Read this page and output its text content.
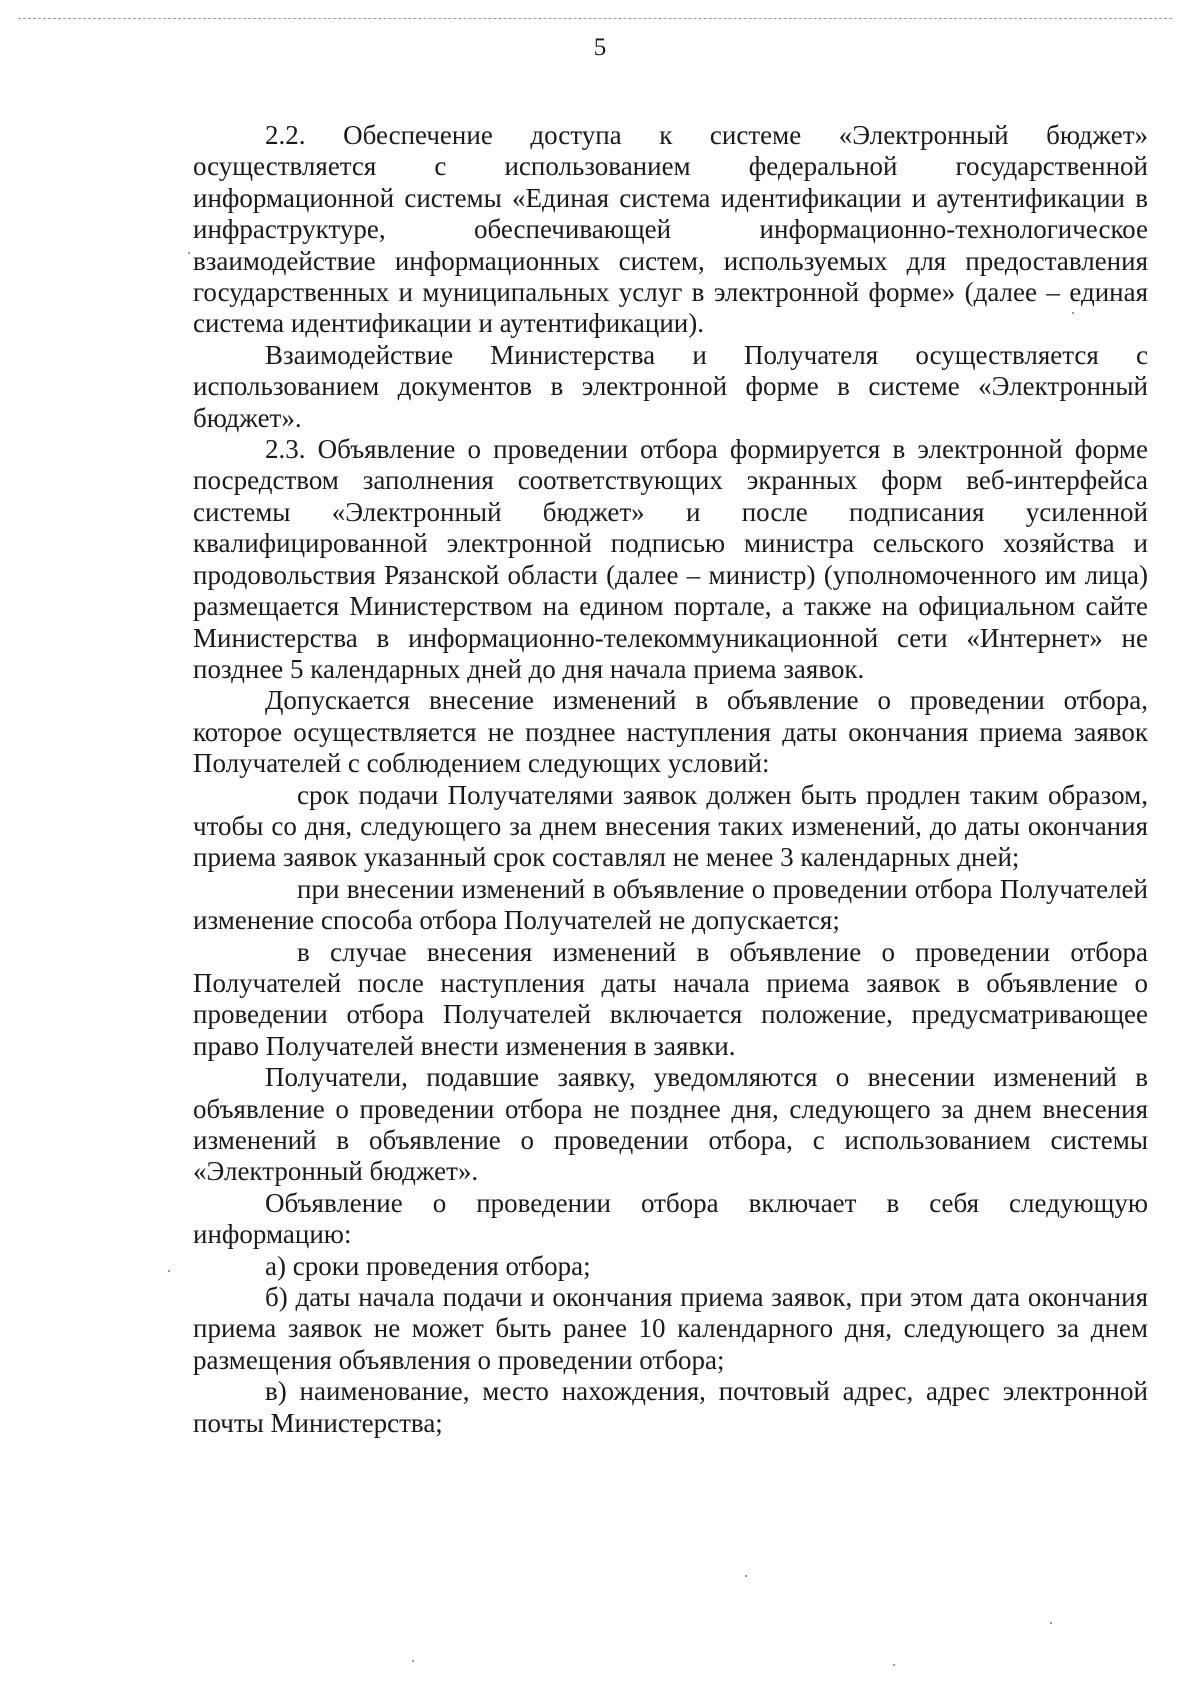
5

2.2. Обеспечение доступа к системе «Электронный бюджет» осуществляется с использованием федеральной государственной информационной системы «Единая система идентификации и аутентификации в инфраструктуре, обеспечивающей информационно-технологическое взаимодействие информационных систем, используемых для предоставления государственных и муниципальных услуг в электронной форме» (далее – единая система идентификации и аутентификации).

Взаимодействие Министерства и Получателя осуществляется с использованием документов в электронной форме в системе «Электронный бюджет».

2.3. Объявление о проведении отбора формируется в электронной форме посредством заполнения соответствующих экранных форм веб-интерфейса системы «Электронный бюджет» и после подписания усиленной квалифицированной электронной подписью министра сельского хозяйства и продовольствия Рязанской области (далее – министр) (уполномоченного им лица) размещается Министерством на едином портале, а также на официальном сайте Министерства в информационно-телекоммуникационной сети «Интернет» не позднее 5 календарных дней до дня начала приема заявок.

Допускается внесение изменений в объявление о проведении отбора, которое осуществляется не позднее наступления даты окончания приема заявок Получателей с соблюдением следующих условий:

срок подачи Получателями заявок должен быть продлен таким образом, чтобы со дня, следующего за днем внесения таких изменений, до даты окончания приема заявок указанный срок составлял не менее 3 календарных дней;

при внесении изменений в объявление о проведении отбора Получателей изменение способа отбора Получателей не допускается;

в случае внесения изменений в объявление о проведении отбора Получателей после наступления даты начала приема заявок в объявление о проведении отбора Получателей включается положение, предусматривающее право Получателей внести изменения в заявки.

Получатели, подавшие заявку, уведомляются о внесении изменений в объявление о проведении отбора не позднее дня, следующего за днем внесения изменений в объявление о проведении отбора, с использованием системы «Электронный бюджет».

Объявление о проведении отбора включает в себя следующую информацию:

а) сроки проведения отбора;

б) даты начала подачи и окончания приема заявок, при этом дата окончания приема заявок не может быть ранее 10 календарного дня, следующего за днем размещения объявления о проведении отбора;

в) наименование, место нахождения, почтовый адрес, адрес электронной почты Министерства;
